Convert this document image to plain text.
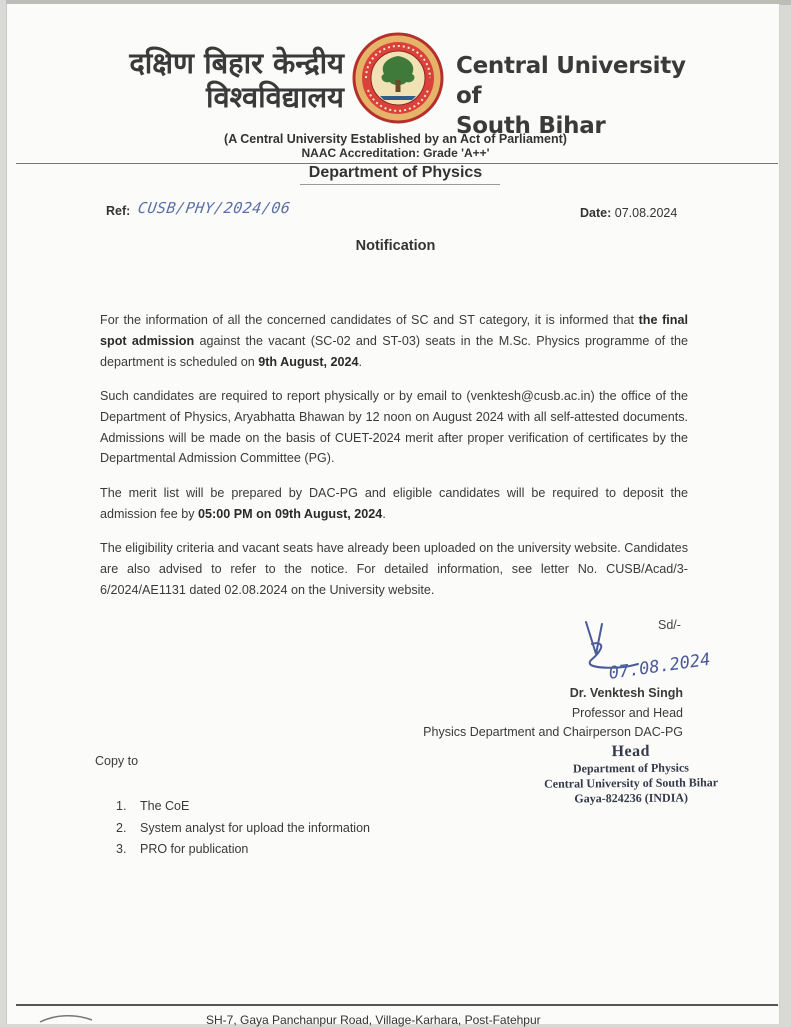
दक्षिण बिहार केन्द्रीय
विश्वविद्यालय
Central University of
South Bihar
(A Central University Established by an Act of Parliament)
NAAC Accreditation: Grade 'A++'
Department of Physics
Ref: CUSB/PHY/2024/06	Date: 07.08.2024
Notification

For the information of all the concerned candidates of SC and ST category, it is informed that the final spot admission against the vacant (SC-02 and ST-03) seats in the M.Sc. Physics programme of the department is scheduled on 9th August, 2024.

Such candidates are required to report physically or by email to (venktesh@cusb.ac.in) the office of the Department of Physics, Aryabhatta Bhawan by 12 noon on August 2024 with all self-attested documents. Admissions will be made on the basis of CUET-2024 merit after proper verification of certificates by the Departmental Admission Committee (PG).

The merit list will be prepared by DAC-PG and eligible candidates will be required to deposit the admission fee by 05:00 PM on 09th August, 2024.

The eligibility criteria and vacant seats have already been uploaded on the university website. Candidates are also advised to refer to the notice. For detailed information, see letter No. CUSB/Acad/3-6/2024/AE1131 dated 02.08.2024 on the University website.

Sd/-
07.08.2024
Dr. Venktesh Singh
Professor and Head
Physics Department and Chairperson DAC-PG
Head
Department of Physics
Central University of South Bihar
Gaya-824236 (INDIA)
Copy to
1. The CoE
2. System analyst for upload the information
3. PRO for publication
SH-7, Gaya Panchanpur Road, Village-Karhara, Post-Fatehpur
